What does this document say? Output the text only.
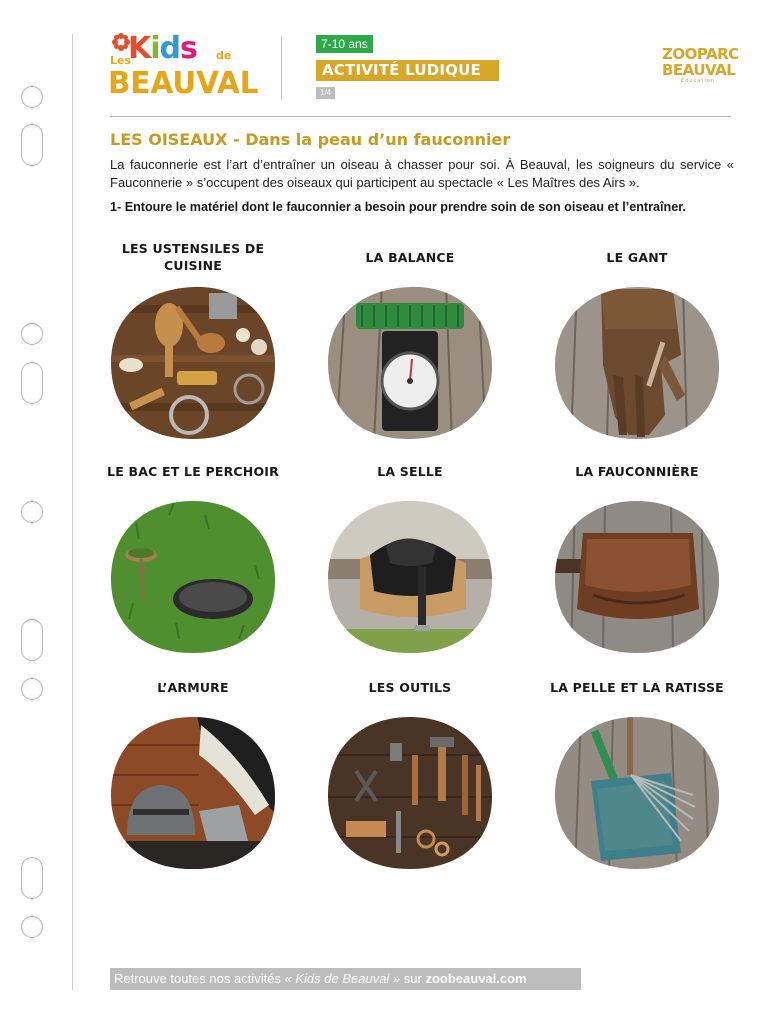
Les
Kids de
BEAUVAL
7-10 ans
ACTIVITÉ LUDIQUE
1/4
ZOOPARC
BEAUVAL
Éducation
LES OISEAUX - Dans la peau d’un fauconnier
La fauconnerie est l’art d’entraîner un oiseau à chasser pour soi. À Beauval, les soigneurs du service « Fauconnerie » s’occupent des oiseaux qui participent au spectacle « Les Maîtres des Airs ».
1- Entoure le matériel dont le fauconnier a besoin pour prendre soin de son oiseau et l’entraîner.
LES USTENSILES DE CUISINE
LA BALANCE	LE GANT
LE BAC ET LE PERCHOIR	LA SELLE	LA FAUCONNIÈRE
L’ARMURE	LES OUTILS	LA PELLE ET LA RATISSE
Retrouve toutes nos activités « Kids de Beauval » sur zoobeauval.com
